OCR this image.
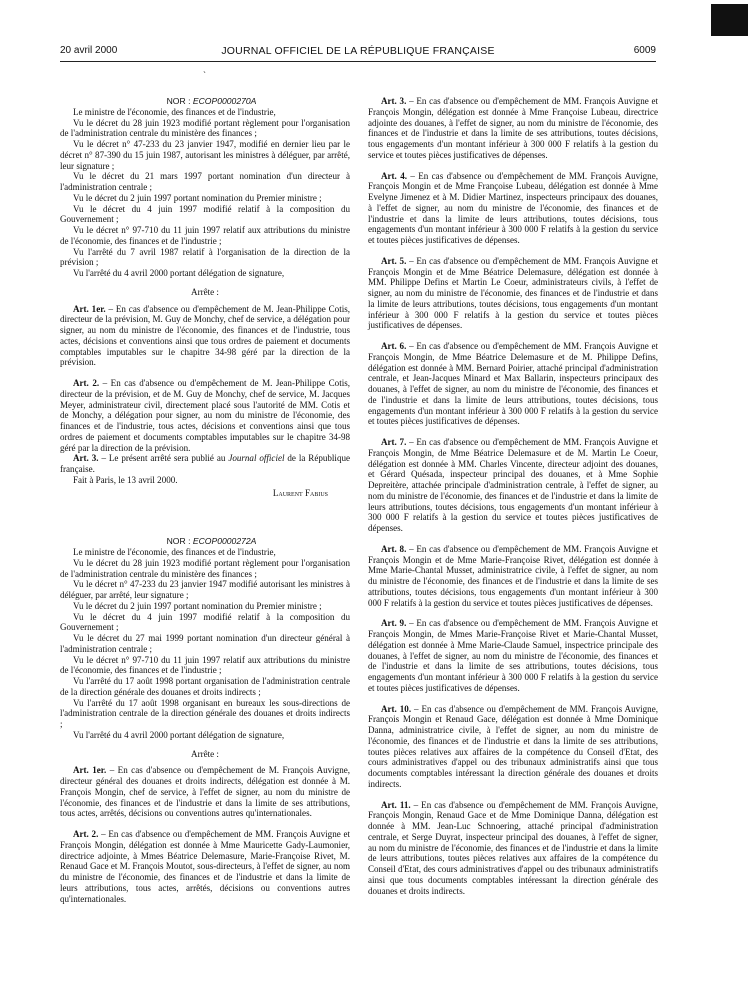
20 avril 2000	JOURNAL OFFICIEL DE LA RÉPUBLIQUE FRANÇAISE	6009
`

NOR : ECOP0000270A

Le ministre de l'économie, des finances et de l'industrie,

Vu le décret du 28 juin 1923 modifié portant règlement pour l'organisation de l'administration centrale du ministère des finances ;

Vu le décret n° 47-233 du 23 janvier 1947, modifié en dernier lieu par le décret n° 87-390 du 15 juin 1987, autorisant les ministres à déléguer, par arrêté, leur signature ;

Vu le décret du 21 mars 1997 portant nomination d'un directeur à l'administration centrale ;

Vu le décret du 2 juin 1997 portant nomination du Premier ministre ;

Vu le décret du 4 juin 1997 modifié relatif à la composition du Gouvernement ;

Vu le décret n° 97-710 du 11 juin 1997 relatif aux attributions du ministre de l'économie, des finances et de l'industrie ;

Vu l'arrêté du 7 avril 1987 relatif à l'organisation de la direction de la prévision ;

Vu l'arrêté du 4 avril 2000 portant délégation de signature,

Arrête :

Art. 1er. – En cas d'absence ou d'empêchement de M. Jean-Philippe Cotis, directeur de la prévision, M. Guy de Monchy, chef de service, a délégation pour signer, au nom du ministre de l'économie, des finances et de l'industrie, tous actes, décisions et conventions ainsi que tous ordres de paiement et documents comptables imputables sur le chapitre 34-98 géré par la direction de la prévision.

Art. 2. – En cas d'absence ou d'empêchement de M. Jean-Philippe Cotis, directeur de la prévision, et de M. Guy de Monchy, chef de service, M. Jacques Meyer, administrateur civil, directement placé sous l'autorité de MM. Cotis et de Monchy, a délégation pour signer, au nom du ministre de l'économie, des finances et de l'industrie, tous actes, décisions et conventions ainsi que tous ordres de paiement et documents comptables imputables sur le chapitre 34-98 géré par la direction de la prévision.

Art. 3. – Le présent arrêté sera publié au Journal officiel de la République française.

Fait à Paris, le 13 avril 2000.

Laurent Fabius

NOR : ECOP0000272A

Le ministre de l'économie, des finances et de l'industrie,

Vu le décret du 28 juin 1923 modifié portant règlement pour l'organisation de l'administration centrale du ministère des finances ;

Vu le décret n° 47-233 du 23 janvier 1947 modifié autorisant les ministres à déléguer, par arrêté, leur signature ;

Vu le décret du 2 juin 1997 portant nomination du Premier ministre ;

Vu le décret du 4 juin 1997 modifié relatif à la composition du Gouvernement ;

Vu le décret du 27 mai 1999 portant nomination d'un directeur général à l'administration centrale ;

Vu le décret n° 97-710 du 11 juin 1997 relatif aux attributions du ministre de l'économie, des finances et de l'industrie ;

Vu l'arrêté du 17 août 1998 portant organisation de l'administration centrale de la direction générale des douanes et droits indirects ;

Vu l'arrêté du 17 août 1998 organisant en bureaux les sous-directions de l'administration centrale de la direction générale des douanes et droits indirects ;

Vu l'arrêté du 4 avril 2000 portant délégation de signature,

Arrête :

Art. 1er. – En cas d'absence ou d'empêchement de M. François Auvigne, directeur général des douanes et droits indirects, délégation est donnée à M. François Mongin, chef de service, à l'effet de signer, au nom du ministre de l'économie, des finances et de l'industrie et dans la limite de ses attributions, tous actes, arrêtés, décisions ou conventions autres qu'internationales.

Art. 2. – En cas d'absence ou d'empêchement de MM. François Auvigne et François Mongin, délégation est donnée à Mme Mauricette Gady-Laumonier, directrice adjointe, à Mmes Béatrice Delemasure, Marie-Françoise Rivet, M. Renaud Gace et M. François Moutot, sous-directeurs, à l'effet de signer, au nom du ministre de l'économie, des finances et de l'industrie et dans la limite de leurs attributions, tous actes, arrêtés, décisions ou conventions autres qu'internationales.

Art. 3. – En cas d'absence ou d'empêchement de MM. François Auvigne et François Mongin, délégation est donnée à Mme Françoise Lubeau, directrice adjointe des douanes, à l'effet de signer, au nom du ministre de l'économie, des finances et de l'industrie et dans la limite de ses attributions, toutes décisions, tous engagements d'un montant inférieur à 300 000 F relatifs à la gestion du service et toutes pièces justificatives de dépenses.

Art. 4. – En cas d'absence ou d'empêchement de MM. François Auvigne, François Mongin et de Mme Françoise Lubeau, délégation est donnée à Mme Evelyne Jimenez et à M. Didier Martinez, inspecteurs principaux des douanes, à l'effet de signer, au nom du ministre de l'économie, des finances et de l'industrie et dans la limite de leurs attributions, toutes décisions, tous engagements d'un montant inférieur à 300 000 F relatifs à la gestion du service et toutes pièces justificatives de dépenses.

Art. 5. – En cas d'absence ou d'empêchement de MM. François Auvigne et François Mongin et de Mme Béatrice Delemasure, délégation est donnée à MM. Philippe Defins et Martin Le Coeur, administrateurs civils, à l'effet de signer, au nom du ministre de l'économie, des finances et de l'industrie et dans la limite de leurs attributions, toutes décisions, tous engagements d'un montant inférieur à 300 000 F relatifs à la gestion du service et toutes pièces justificatives de dépenses.

Art. 6. – En cas d'absence ou d'empêchement de MM. François Auvigne et François Mongin, de Mme Béatrice Delemasure et de M. Philippe Defins, délégation est donnée à MM. Bernard Poirier, attaché principal d'administration centrale, et Jean-Jacques Minard et Max Ballarin, inspecteurs principaux des douanes, à l'effet de signer, au nom du ministre de l'économie, des finances et de l'industrie et dans la limite de leurs attributions, toutes décisions, tous engagements d'un montant inférieur à 300 000 F relatifs à la gestion du service et toutes pièces justificatives de dépenses.

Art. 7. – En cas d'absence ou d'empêchement de MM. François Auvigne et François Mongin, de Mme Béatrice Delemasure et de M. Martin Le Coeur, délégation est donnée à MM. Charles Vincente, directeur adjoint des douanes, et Gérard Quésada, inspecteur principal des douanes, et à Mme Sophie Depreitère, attachée principale d'administration centrale, à l'effet de signer, au nom du ministre de l'économie, des finances et de l'industrie et dans la limite de leurs attributions, toutes décisions, tous engagements d'un montant inférieur à 300 000 F relatifs à la gestion du service et toutes pièces justificatives de dépenses.

Art. 8. – En cas d'absence ou d'empêchement de MM. François Auvigne et François Mongin et de Mme Marie-Françoise Rivet, délégation est donnée à Mme Marie-Chantal Musset, administratrice civile, à l'effet de signer, au nom du ministre de l'économie, des finances et de l'industrie et dans la limite de ses attributions, toutes décisions, tous engagements d'un montant inférieur à 300 000 F relatifs à la gestion du service et toutes pièces justificatives de dépenses.

Art. 9. – En cas d'absence ou d'empêchement de MM. François Auvigne et François Mongin, de Mmes Marie-Françoise Rivet et Marie-Chantal Musset, délégation est donnée à Mme Marie-Claude Samuel, inspectrice principale des douanes, à l'effet de signer, au nom du ministre de l'économie, des finances et de l'industrie et dans la limite de ses attributions, toutes décisions, tous engagements d'un montant inférieur à 300 000 F relatifs à la gestion du service et toutes pièces justificatives de dépenses.

Art. 10. – En cas d'absence ou d'empêchement de MM. François Auvigne, François Mongin et Renaud Gace, délégation est donnée à Mme Dominique Danna, administratrice civile, à l'effet de signer, au nom du ministre de l'économie, des finances et de l'industrie et dans la limite de ses attributions, toutes pièces relatives aux affaires de la compétence du Conseil d'Etat, des cours administratives d'appel ou des tribunaux administratifs ainsi que tous documents comptables intéressant la direction générale des douanes et droits indirects.

Art. 11. – En cas d'absence ou d'empêchement de MM. François Auvigne, François Mongin, Renaud Gace et de Mme Dominique Danna, délégation est donnée à MM. Jean-Luc Schnoering, attaché principal d'administration centrale, et Serge Duyrat, inspecteur principal des douanes, à l'effet de signer, au nom du ministre de l'économie, des finances et de l'industrie et dans la limite de leurs attributions, toutes pièces relatives aux affaires de la compétence du Conseil d'Etat, des cours administratives d'appel ou des tribunaux administratifs ainsi que tous documents comptables intéressant la direction générale des douanes et droits indirects.
